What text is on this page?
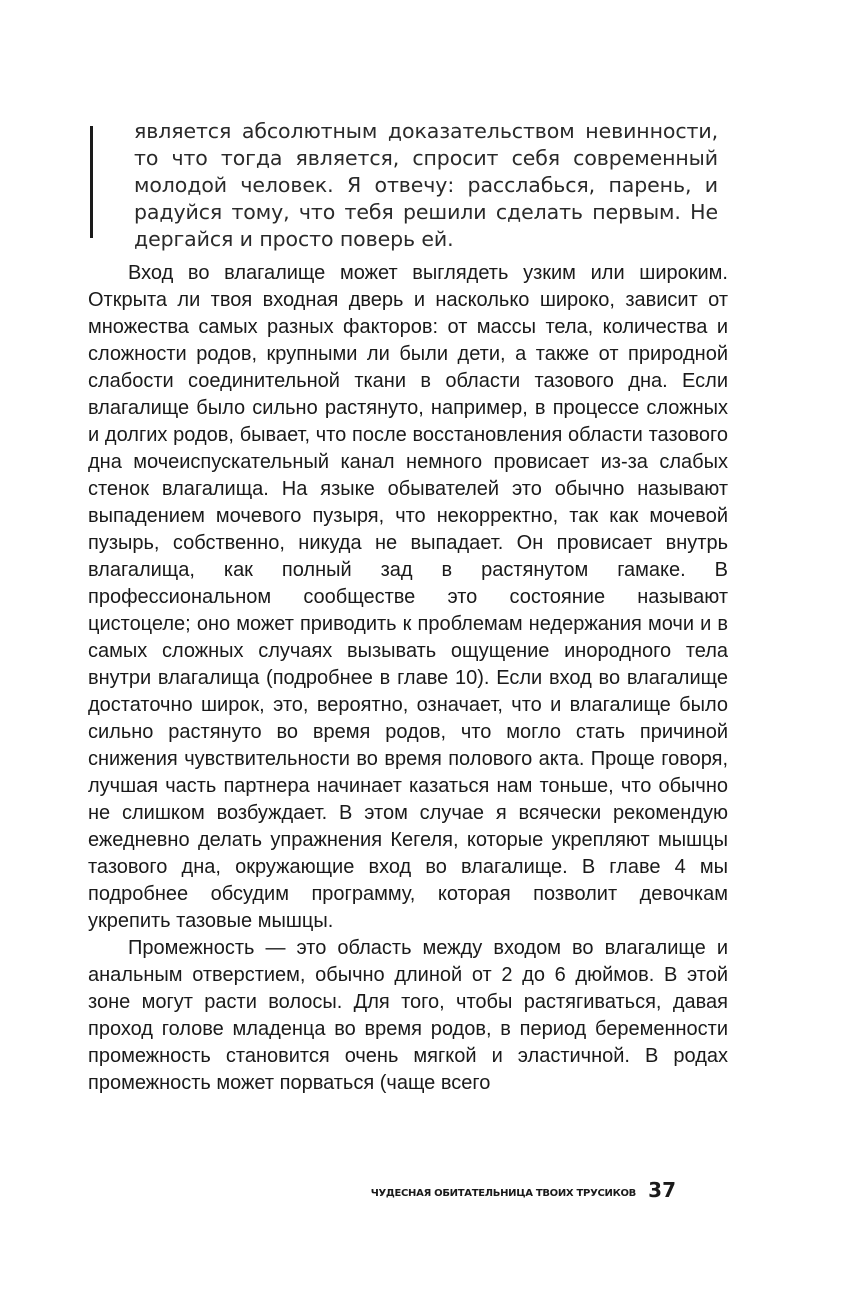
является абсолютным доказательством невинности, то что тогда является, спросит себя современный молодой человек. Я отвечу: расслабься, парень, и радуйся тому, что тебя решили сделать первым. Не дергайся и просто поверь ей.

Вход во влагалище может выглядеть узким или широким. Открыта ли твоя входная дверь и насколько широко, зависит от множества самых разных факторов: от массы тела, количества и сложности родов, крупными ли были дети, а также от природной слабости соединительной ткани в области тазового дна. Если влагалище было сильно растянуто, например, в процессе сложных и долгих родов, бывает, что после восстановления области тазового дна мочеиспускательный канал немного провисает из-за слабых стенок влагалища. На языке обывателей это обычно называют выпадением мочевого пузыря, что некорректно, так как мочевой пузырь, собственно, никуда не выпадает. Он провисает внутрь влагалища, как полный зад в растянутом гамаке. В профессиональном сообществе это состояние называют цистоцеле; оно может приводить к проблемам недержания мочи и в самых сложных случаях вызывать ощущение инородного тела внутри влагалища (подробнее в главе 10). Если вход во влагалище достаточно широк, это, вероятно, означает, что и влагалище было сильно растянуто во время родов, что могло стать причиной снижения чувствительности во время полового акта. Проще говоря, лучшая часть партнера начинает казаться нам тоньше, что обычно не слишком возбуждает. В этом случае я всячески рекомендую ежедневно делать упражнения Кегеля, которые укрепляют мышцы тазового дна, окружающие вход во влагалище. В главе 4 мы подробнее обсудим программу, которая позволит девочкам укрепить тазовые мышцы.

Промежность — это область между входом во влагалище и анальным отверстием, обычно длиной от 2 до 6 дюймов. В этой зоне могут расти волосы. Для того, чтобы растягиваться, давая проход голове младенца во время родов, в период беременности промежность становится очень мягкой и эластичной. В родах промежность может порваться (чаще всего

ЧУДЕСНАЯ ОБИТАТЕЛЬНИЦА ТВОИХ ТРУСИКОВ 37
